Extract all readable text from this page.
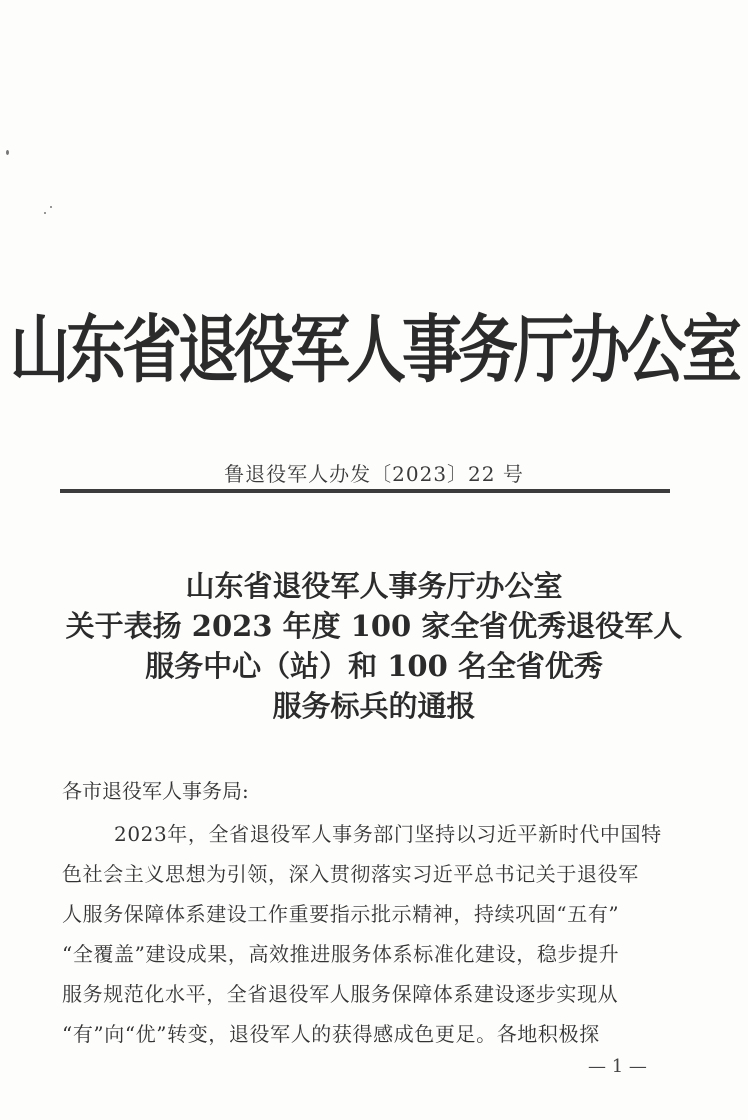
山东省退役军人事务厅办公室
鲁退役军人办发〔2023〕22 号
山东省退役军人事务厅办公室
关于表扬 2023 年度 100 家全省优秀退役军人
服务中心（站）和 100 名全省优秀
服务标兵的通报
各市退役军人事务局:
2023年，全省退役军人事务部门坚持以习近平新时代中国特
色社会主义思想为引领，深入贯彻落实习近平总书记关于退役军
人服务保障体系建设工作重要指示批示精神，持续巩固“五有”
“全覆盖”建设成果，高效推进服务体系标准化建设，稳步提升
服务规范化水平，全省退役军人服务保障体系建设逐步实现从
“有”向“优”转变，退役军人的获得感成色更足。各地积极探
— 1 —
